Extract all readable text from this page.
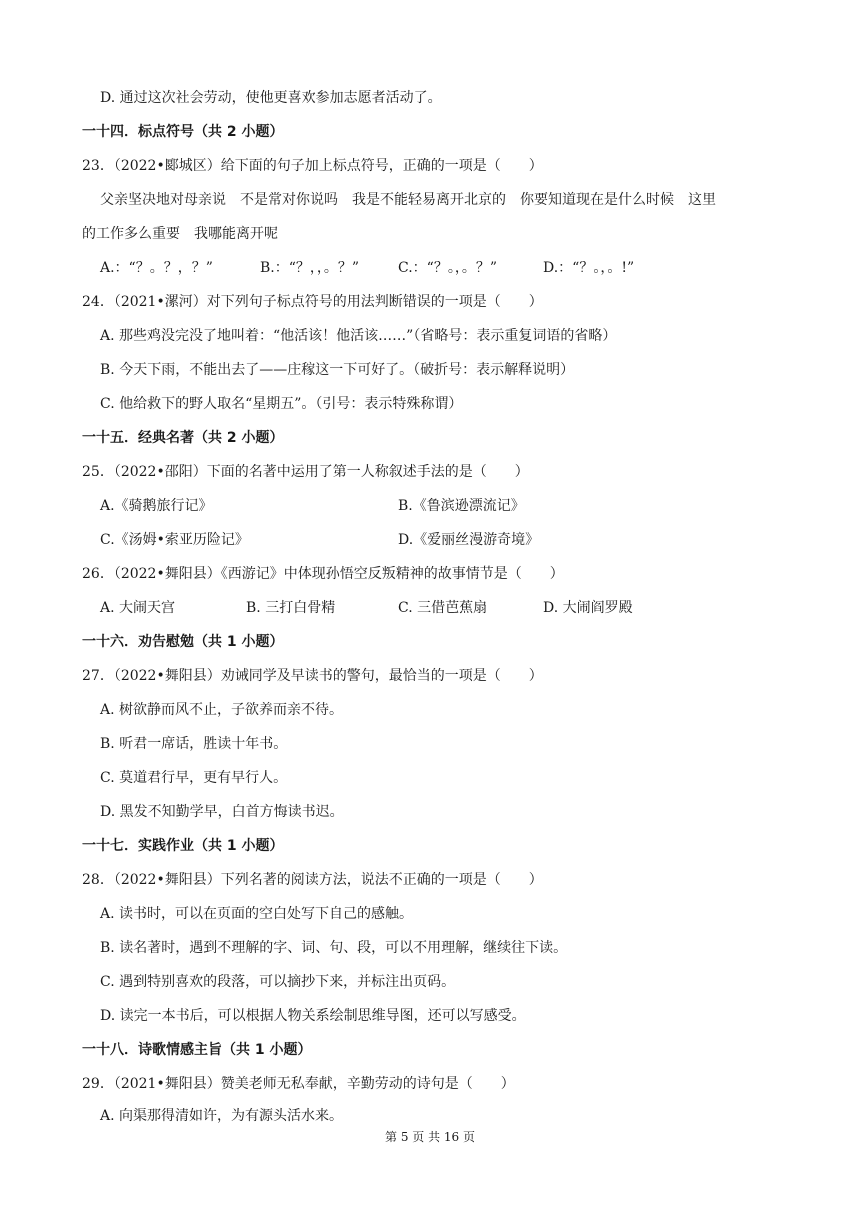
D. 通过这次社会劳动，使他更喜欢参加志愿者活动了。
一十四．标点符号（共 2 小题）
23．（2022•郾城区）给下面的句子加上标点符号，正确的一项是（　　）
父亲坚决地对母亲说　不是常对你说吗　我是不能轻易离开北京的　你要知道现在是什么时候　这里
的工作多么重要　我哪能离开呢

A.：“？。？，？”

	B.：“？，，。？”

	C.：“？。，。？”

	D.：“？。，。!”

24．（2021•漯河）对下列句子标点符号的用法判断错误的一项是（　　）
A. 那些鸡没完没了地叫着：“他活该！他活该……”（省略号：表示重复词语的省略）
B. 今天下雨，不能出去了——庄稼这一下可好了。（破折号：表示解释说明）
C. 他给救下的野人取名“星期五”。（引号：表示特殊称谓）
一十五．经典名著（共 2 小题）
25．（2022•邵阳）下面的名著中运用了第一人称叙述手法的是（　　）

A.《骑鹅旅行记》

	B.《鲁滨逊漂流记》

C.《汤姆•索亚历险记》

	D.《爱丽丝漫游奇境》

26．（2022•舞阳县）《西游记》中体现孙悟空反叛精神的故事情节是（　　）

A. 大闹天宫

	B. 三打白骨精

	C. 三借芭蕉扇

	D. 大闹阎罗殿

一十六．劝告慰勉（共 1 小题）
27．（2022•舞阳县）劝诫同学及早读书的警句，最恰当的一项是（　　）
A. 树欲静而风不止，子欲养而亲不待。
B. 听君一席话，胜读十年书。
C. 莫道君行早，更有早行人。
D. 黑发不知勤学早，白首方悔读书迟。
一十七．实践作业（共 1 小题）
28．（2022•舞阳县）下列名著的阅读方法，说法不正确的一项是（　　）
A. 读书时，可以在页面的空白处写下自己的感触。
B. 读名著时，遇到不理解的字、词、句、段，可以不用理解，继续往下读。
C. 遇到特别喜欢的段落，可以摘抄下来，并标注出页码。
D. 读完一本书后，可以根据人物关系绘制思维导图，还可以写感受。
一十八．诗歌情感主旨（共 1 小题）
29．（2021•舞阳县）赞美老师无私奉献，辛勤劳动的诗句是（　　）
A. 向渠那得清如许，为有源头活水来。
第 5 页 共 16 页
